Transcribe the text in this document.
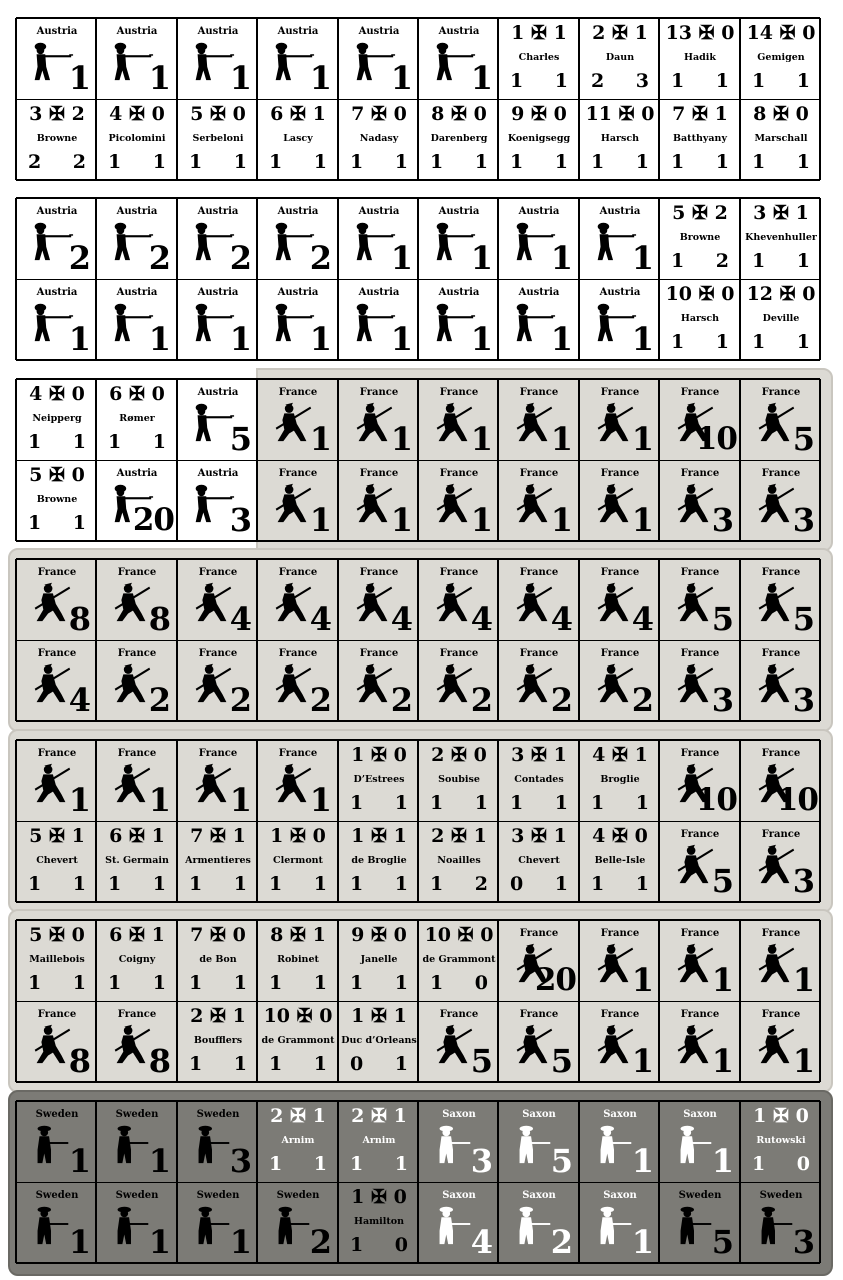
Austria
1
Austria
1
Austria
1
Austria
1
Austria
1
Austria
1
1 ✠ 1
Charles
1 1
2 ✠ 1
Daun
2 3
13 ✠ 0
Hadik
1 1
14 ✠ 0
Gemigen
1 1
3 ✠ 2
Browne
2 2
4 ✠ 0
Picolomini
1 1
5 ✠ 0
Serbeloni
1 1
6 ✠ 1
Lascy
1 1
7 ✠ 0
Nadasy
1 1
8 ✠ 0
Darenberg
1 1
9 ✠ 0
Koenigsegg
1 1
11 ✠ 0
Harsch
1 1
7 ✠ 1
Batthyany
1 1
8 ✠ 0
Marschall
1 1
Austria
2
Austria
2
Austria
2
Austria
2
Austria
1
Austria
1
Austria
1
Austria
1
5 ✠ 2
Browne
1 2
3 ✠ 1
Khevenhuller
1 1
Austria
1
Austria
1
Austria
1
Austria
1
Austria
1
Austria
1
Austria
1
Austria
1
10 ✠ 0
Harsch
1 1
12 ✠ 0
Deville
1 1
4 ✠ 0
Neipperg
1 1
6 ✠ 0
Rømer
1 1
Austria
5
France
1
France
1
France
1
France
1
France
1
France
10
France
5
5 ✠ 0
Browne
1 1
Austria
20
Austria
3
France
1
France
1
France
1
France
1
France
1
France
3
France
3
France
8
France
8
France
4
France
4
France
4
France
4
France
4
France
4
France
5
France
5
France
4
France
2
France
2
France
2
France
2
France
2
France
2
France
2
France
3
France
3
France
1
France
1
France
1
France
1
1 ✠ 0
D’Estrees
1 1
2 ✠ 0
Soubise
1 1
3 ✠ 1
Contades
1 1
4 ✠ 1
Broglie
1 1
France
10
France
10
5 ✠ 1
Chevert
1 1
6 ✠ 1
St. Germain
1 1
7 ✠ 1
Armentieres
1 1
1 ✠ 0
Clermont
1 1
1 ✠ 1
de Broglie
1 1
2 ✠ 1
Noailles
1 2
3 ✠ 1
Chevert
0 1
4 ✠ 0
Belle-Isle
1 1
France
5
France
3
5 ✠ 0
Maillebois
1 1
6 ✠ 1
Coigny
1 1
7 ✠ 0
de Bon
1 1
8 ✠ 1
Robinet
1 1
9 ✠ 0
Janelle
1 1
10 ✠ 0
de Grammont
1 0
France
20
France
1
France
1
France
1
France
8
France
8
2 ✠ 1
Boufflers
1 1
10 ✠ 0
de Grammont
1 1
1 ✠ 1
Duc d’Orleans
0 1
France
5
France
5
France
1
France
1
France
1
Sweden
1
Sweden
1
Sweden
3
2 ✠ 1
Arnim
1 1
2 ✠ 1
Arnim
1 1
Saxon
3
Saxon
5
Saxon
1
Saxon
1
1 ✠ 0
Rutowski
1 0
Sweden
1
Sweden
1
Sweden
1
Sweden
2
1 ✠ 0
Hamilton
1 0
Saxon
4
Saxon
2
Saxon
1
Sweden
5
Sweden
3
